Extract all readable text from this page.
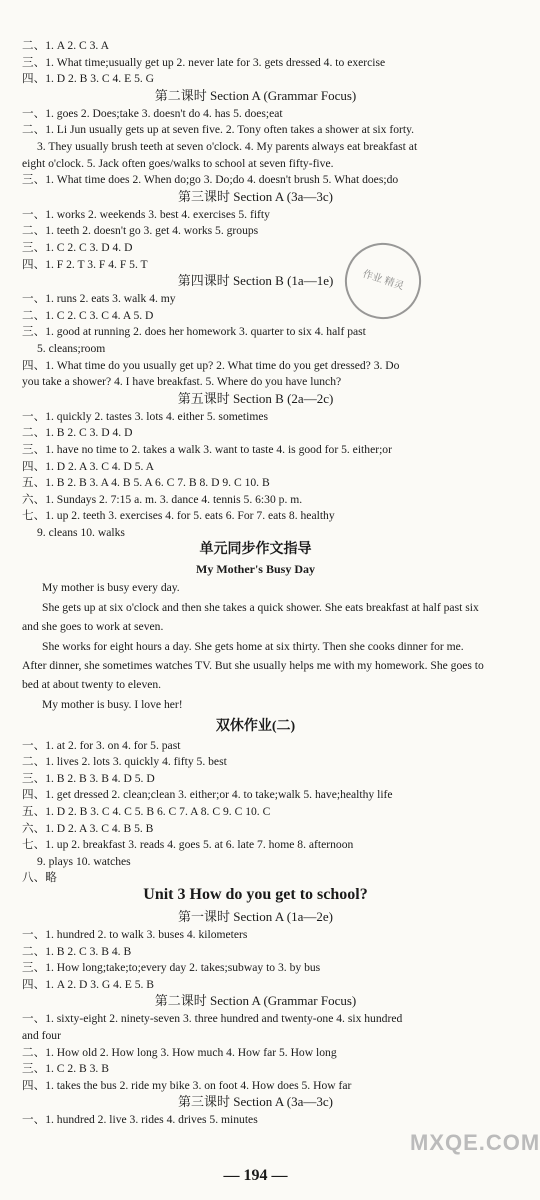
二、1. A 2. C 3. A
三、1. What time;usually get up 2. never late for 3. gets dressed 4. to exercise
四、1. D 2. B 3. C 4. E 5. G
第二课时 Section A (Grammar Focus)
一、1. goes 2. Does;take 3. doesn't do 4. has 5. does;eat
二、1. Li Jun usually gets up at seven five. 2. Tony often takes a shower at six forty.
3. They usually brush teeth at seven o'clock. 4. My parents always eat breakfast at
eight o'clock. 5. Jack often goes/walks to school at seven fifty-five.
三、1. What time does 2. When do;go 3. Do;do 4. doesn't brush 5. What does;do
第三课时 Section A (3a—3c)
一、1. works 2. weekends 3. best 4. exercises 5. fifty
二、1. teeth 2. doesn't go 3. get 4. works 5. groups
三、1. C 2. C 3. D 4. D
四、1. F 2. T 3. F 4. F 5. T
第四课时 Section B (1a—1e)
一、1. runs 2. eats 3. walk 4. my
二、1. C 2. C 3. C 4. A 5. D
三、1. good at running 2. does her homework 3. quarter to six 4. half past
5. cleans;room
四、1. What time do you usually get up? 2. What time do you get dressed? 3. Do
you take a shower? 4. I have breakfast. 5. Where do you have lunch?
第五课时 Section B (2a—2c)
一、1. quickly 2. tastes 3. lots 4. either 5. sometimes
二、1. B 2. C 3. D 4. D
三、1. have no time to 2. takes a walk 3. want to taste 4. is good for 5. either;or
四、1. D 2. A 3. C 4. D 5. A
五、1. B 2. B 3. A 4. B 5. A 6. C 7. B 8. D 9. C 10. B
六、1. Sundays 2. 7:15 a. m. 3. dance 4. tennis 5. 6:30 p. m.
七、1. up 2. teeth 3. exercises 4. for 5. eats 6. For 7. eats 8. healthy
9. cleans 10. walks
单元同步作文指导
My Mother's Busy Day
My mother is busy every day.
She gets up at six o'clock and then she takes a quick shower. She eats breakfast at half past six and she goes to work at seven.
She works for eight hours a day. She gets home at six thirty. Then she cooks dinner for me. After dinner, she sometimes watches TV. But she usually helps me with my homework. She goes to bed at about twenty to eleven.
My mother is busy. I love her!
双休作业(二)
一、1. at 2. for 3. on 4. for 5. past
二、1. lives 2. lots 3. quickly 4. fifty 5. best
三、1. B 2. B 3. B 4. D 5. D
四、1. get dressed 2. clean;clean 3. either;or 4. to take;walk 5. have;healthy life
五、1. D 2. B 3. C 4. C 5. B 6. C 7. A 8. C 9. C 10. C
六、1. D 2. A 3. C 4. B 5. B
七、1. up 2. breakfast 3. reads 4. goes 5. at 6. late 7. home 8. afternoon
9. plays 10. watches
八、略
Unit 3 How do you get to school?
第一课时 Section A (1a—2e)
一、1. hundred 2. to walk 3. buses 4. kilometers
二、1. B 2. C 3. B 4. B
三、1. How long;take;to;every day 2. takes;subway to 3. by bus
四、1. A 2. D 3. G 4. E 5. B
第二课时 Section A (Grammar Focus)
一、1. sixty-eight 2. ninety-seven 3. three hundred and twenty-one 4. six hundred
and four
二、1. How old 2. How long 3. How much 4. How far 5. How long
三、1. C 2. B 3. B
四、1. takes the bus 2. ride my bike 3. on foot 4. How does 5. How far
第三课时 Section A (3a—3c)
一、1. hundred 2. live 3. rides 4. drives 5. minutes
作业 精灵
— 194 —
MXQE.COM
